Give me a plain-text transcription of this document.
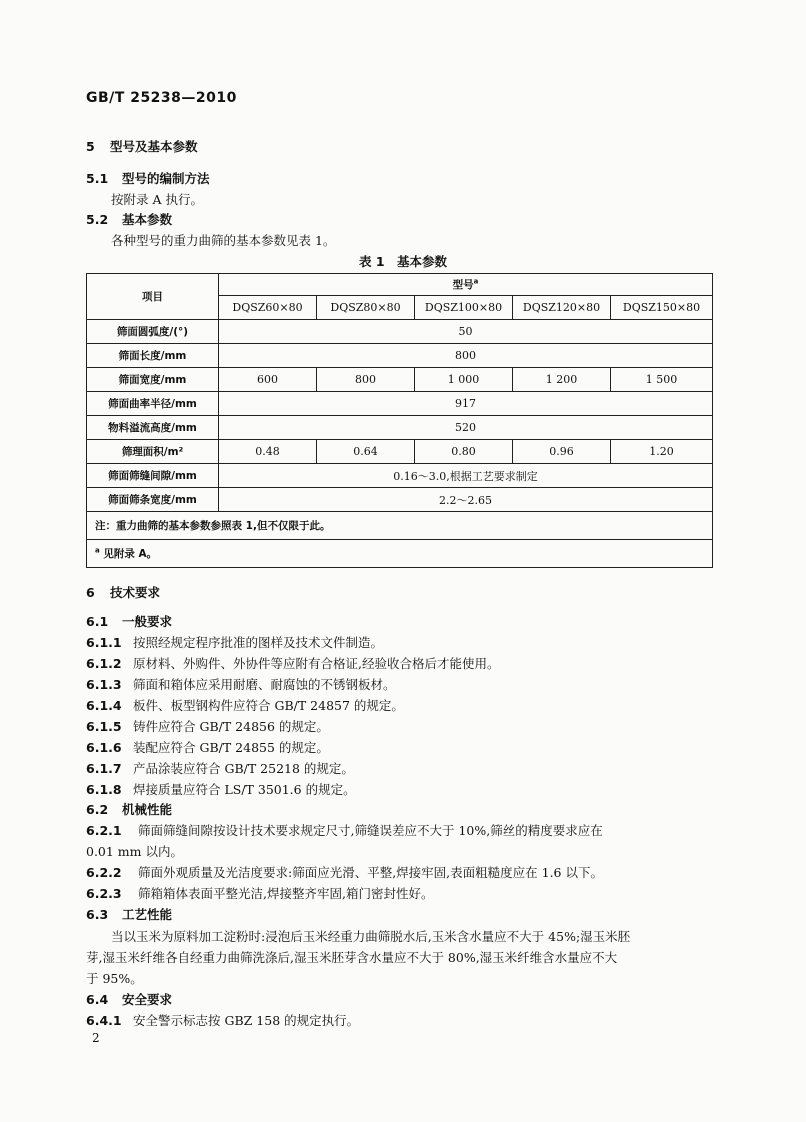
GB/T 25238—2010
5 型号及基本参数
5.1 型号的编制方法
按附录 A 执行。
5.2 基本参数
各种型号的重力曲筛的基本参数见表 1。
表 1　基本参数
项目	型号$^a$
	DQSZ60×80	DQSZ80×80	DQSZ100×80	DQSZ120×80	DQSZ150×80
筛面圆弧度/(°)	50				
筛面长度/mm	800				
筛面宽度/mm	600	800	1 000	1 200	1 500
筛面曲率半径/mm	917				
物料溢流高度/mm	520				
筛理面积/m²	0.48	0.64	0.80	0.96	1.20
筛面筛缝间隙/mm	0.16～3.0,根据工艺要求制定				
筛面筛条宽度/mm	2.2～2.65				
注：重力曲筛的基本参数参照表 1,但不仅限于此。					
$^a$ 见附录 A。					
6 技术要求
6.1 一般要求
6.1.1 按照经规定程序批准的图样及技术文件制造。
6.1.2 原材料、外购件、外协件等应附有合格证,经验收合格后才能使用。
6.1.3 筛面和箱体应采用耐磨、耐腐蚀的不锈钢板材。
6.1.4 板件、板型钢构件应符合 GB/T 24857 的规定。
6.1.5 铸件应符合 GB/T 24856 的规定。
6.1.6 装配应符合 GB/T 24855 的规定。
6.1.7 产品涂装应符合 GB/T 25218 的规定。
6.1.8 焊接质量应符合 LS/T 3501.6 的规定。
6.2 机械性能
6.2.1 筛面筛缝间隙按设计技术要求规定尺寸,筛缝误差应不大于 10%,筛丝的精度要求应在
0.01 mm 以内。
6.2.2 筛面外观质量及光洁度要求:筛面应光滑、平整,焊接牢固,表面粗糙度应在 1.6 以下。
6.2.3 筛箱箱体表面平整光洁,焊接整齐牢固,箱门密封性好。
6.3 工艺性能
当以玉米为原料加工淀粉时:浸泡后玉米经重力曲筛脱水后,玉米含水量应不大于 45%;湿玉米胚
芽,湿玉米纤维各自经重力曲筛洗涤后,湿玉米胚芽含水量应不大于 80%,湿玉米纤维含水量应不大
于 95%。
6.4 安全要求
6.4.1 安全警示标志按 GBZ 158 的规定执行。
2
